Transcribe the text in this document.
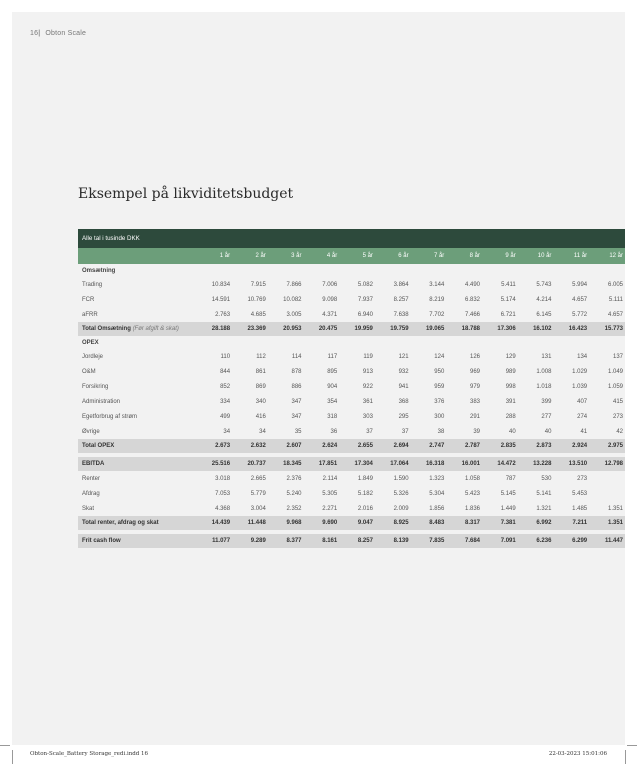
16| Obton Scale
Eksempel på likviditetsbudget
Alle tal i tusinde DKK												
	1 år	2 år	3 år	4 år	5 år	6 år	7 år	8 år	9 år	10 år	11 år	12 år
Omsætning												
Trading	10.834	7.915	7.866	7.006	5.082	3.864	3.144	4.490	5.411	5.743	5.994	6.005
FCR	14.591	10.769	10.082	9.098	7.937	8.257	8.219	6.832	5.174	4.214	4.657	5.111
aFRR	2.763	4.685	3.005	4.371	6.940	7.638	7.702	7.466	6.721	6.145	5.772	4.657
Total Omsætning (Før afgift & skat)	28.188	23.369	20.953	20.475	19.959	19.759	19.065	18.788	17.306	16.102	16.423	15.773
OPEX												
Jordleje	110	112	114	117	119	121	124	126	129	131	134	137
O&M	844	861	878	895	913	932	950	969	989	1.008	1.029	1.049
Forsikring	852	869	886	904	922	941	959	979	998	1.018	1.039	1.059
Administration	334	340	347	354	361	368	376	383	391	399	407	415
Egetforbrug af strøm	499	416	347	318	303	295	300	291	288	277	274	273
Øvrige	34	34	35	36	37	37	38	39	40	40	41	42
Total OPEX	2.673	2.632	2.607	2.624	2.655	2.694	2.747	2.787	2.835	2.873	2.924	2.975

EBITDA	25.516	20.737	18.345	17.851	17.304	17.064	16.318	16.001	14.472	13.228	13.510	12.798
Renter	3.018	2.665	2.376	2.114	1.849	1.590	1.323	1.058	787	530	273	
Afdrag	7.053	5.779	5.240	5.305	5.182	5.326	5.304	5.423	5.145	5.141	5.453	
Skat	4.368	3.004	2.352	2.271	2.016	2.009	1.856	1.836	1.449	1.321	1.485	1.351
Total renter, afdrag og skat	14.439	11.448	9.968	9.690	9.047	8.925	8.483	8.317	7.381	6.992	7.211	1.351

Frit cash flow	11.077	9.289	8.377	8.161	8.257	8.139	7.835	7.684	7.091	6.236	6.299	11.447
Obton-Scale_Battery Storage_redi.indd 16	22-03-2023 15:01:06
